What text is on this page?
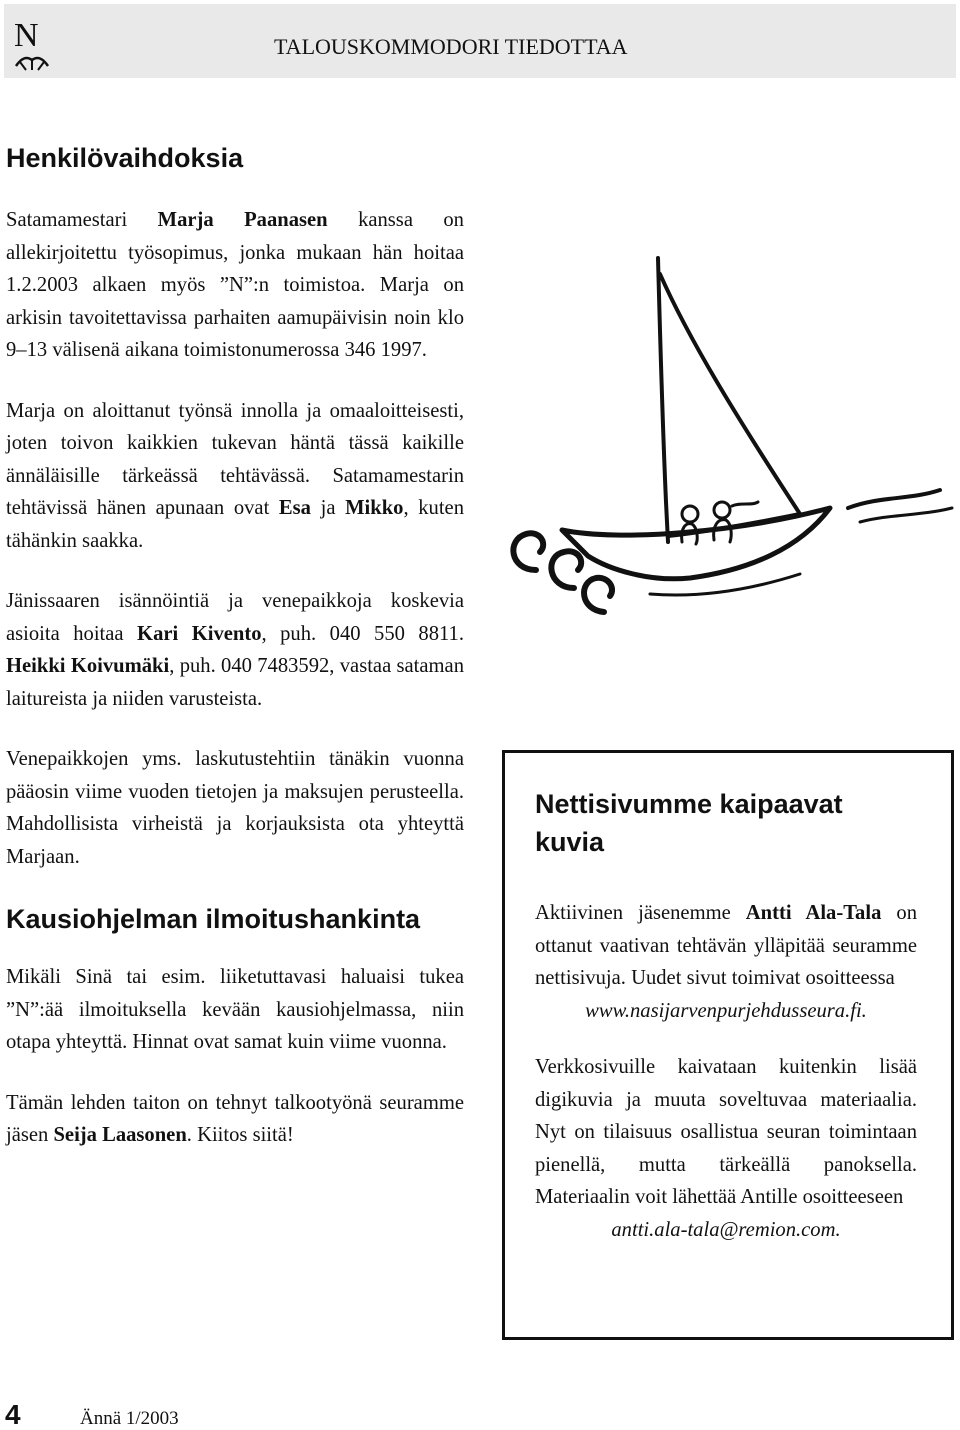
N	TALOUSKOMMODORI TIEDOTTAA
Henkilövaihdoksia

Satamamestari Marja Paanasen kanssa on allekirjoitettu työsopimus, jonka mukaan hän hoitaa 1.2.2003 alkaen myös ”N”:n toimistoa. Marja on arkisin tavoitettavissa parhaiten aamupäivisin noin klo 9–13 välisenä aikana toimistonumerossa 346 1997.

Marja on aloittanut työnsä innolla ja omaaloitteisesti, joten toivon kaikkien tukevan häntä tässä kaikille ännäläisille tärkeässä tehtävässä. Satamamestarin tehtävissä hänen apunaan ovat Esa ja Mikko, kuten tähänkin saakka.

Jänissaaren isännöintiä ja venepaikkoja koskevia asioita hoitaa Kari Kivento, puh. 040 550 8811. Heikki Koivumäki, puh. 040 7483592, vastaa sataman laitureista ja niiden varusteista.

Venepaikkojen yms. laskutustehtiin tänäkin vuonna pääosin viime vuoden tietojen ja maksujen perusteella. Mahdollisista virheistä ja korjauksista ota yhteyttä Marjaan.

Kausiohjelman ilmoitushankinta

Mikäli Sinä tai esim. liiketuttavasi haluaisi tukea ”N”:ää ilmoituksella kevään kausiohjelmassa, niin otapa yhteyttä. Hinnat ovat samat kuin viime vuonna.

Tämän lehden taiton on tehnyt talkootyönä seuramme jäsen Seija Laasonen. Kiitos siitä!

Nettisivumme kaipaavat kuvia

Aktiivinen jäsenemme Antti Ala-Tala on ottanut vaativan tehtävän ylläpitää seuramme nettisivuja. Uudet sivut toimivat osoitteessa
www.nasijarvenpurjehdusseura.fi.

Verkkosivuille kaivataan kuitenkin lisää digikuvia ja muuta soveltuvaa materiaalia. Nyt on tilaisuus osallistua seuran toimintaan pienellä, mutta tärkeällä panoksella. Materiaalin voit lähettää Antille osoitteeseen
antti.ala-tala@remion.com.

4	Ännä 1/2003
